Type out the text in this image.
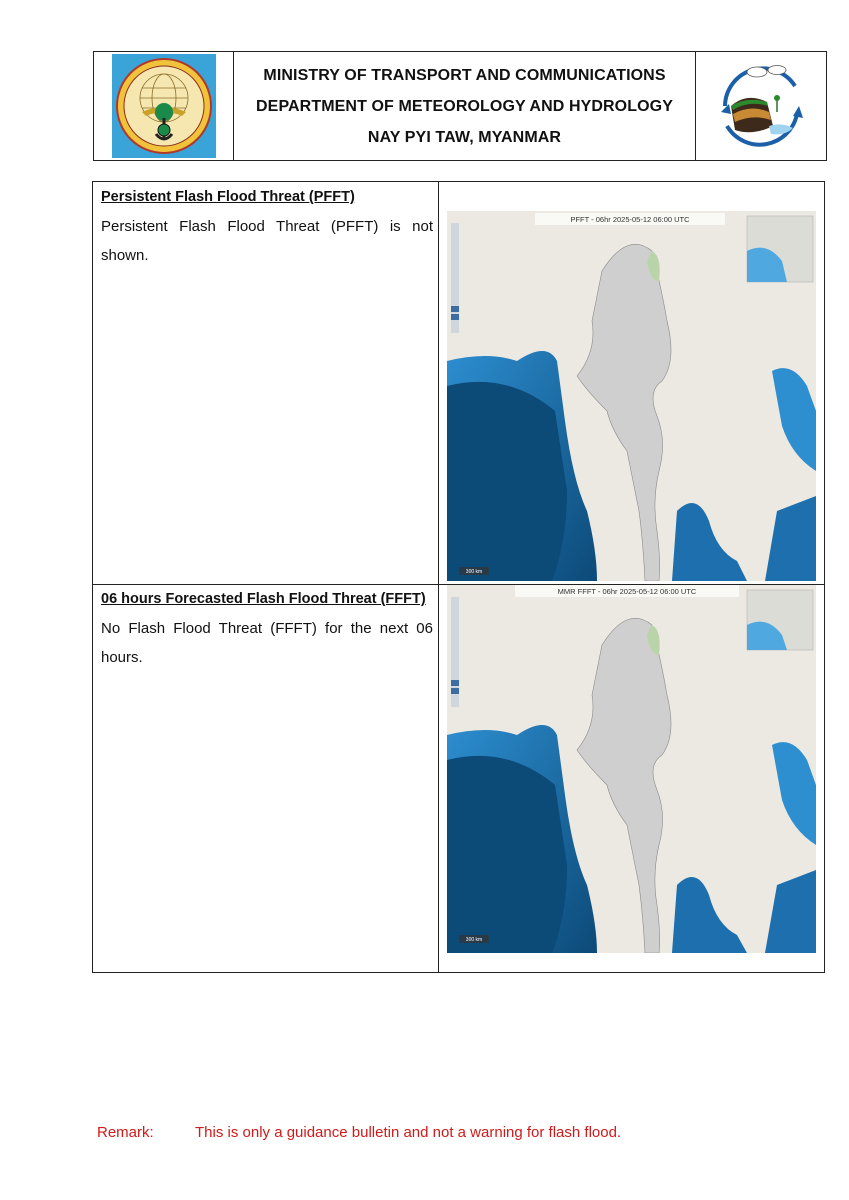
MINISTRY OF TRANSPORT AND COMMUNICATIONS
DEPARTMENT OF METEOROLOGY AND HYDROLOGY
NAY PYI TAW, MYANMAR
Persistent Flash Flood Threat (PFFT)

Persistent Flash Flood Threat (PFFT) is not shown.

06 hours Forecasted Flash Flood Threat (FFFT)

No Flash Flood Threat (FFFT) for the next 06 hours.

PFFT - 06hr 2025-05-12 06:00 UTC
300 km
MMR FFFT - 06hr 2025-05-12 06:00 UTC
300 km
Remark:	This is only a guidance bulletin and not a warning for flash flood.
